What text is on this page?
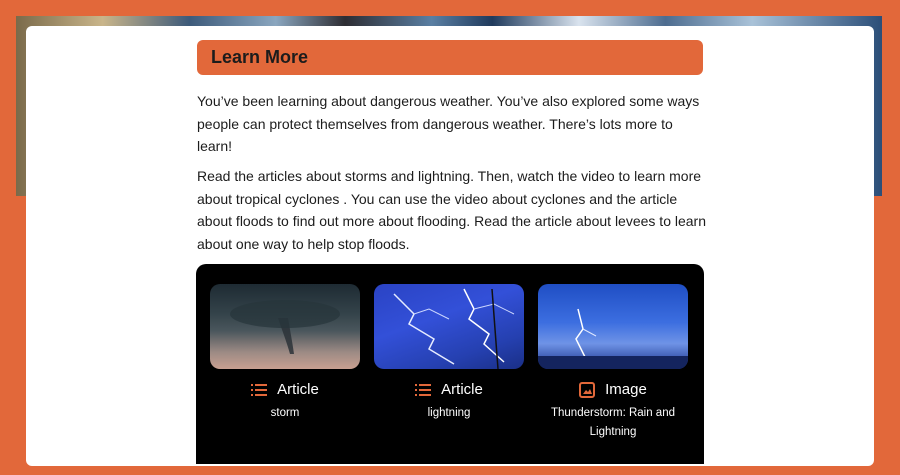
Learn More

You’ve been learning about dangerous weather. You’ve also explored some ways people can protect themselves from dangerous weather. There’s lots more to learn!

Read the articles about storms and lightning. Then, watch the video to learn more about tropical cyclones . You can use the video about cyclones and the article about floods to find out more about flooding. Read the article about levees to learn about one way to help stop floods.

Article
storm
Article
lightning
Image
Thunderstorm: Rain and Lightning
